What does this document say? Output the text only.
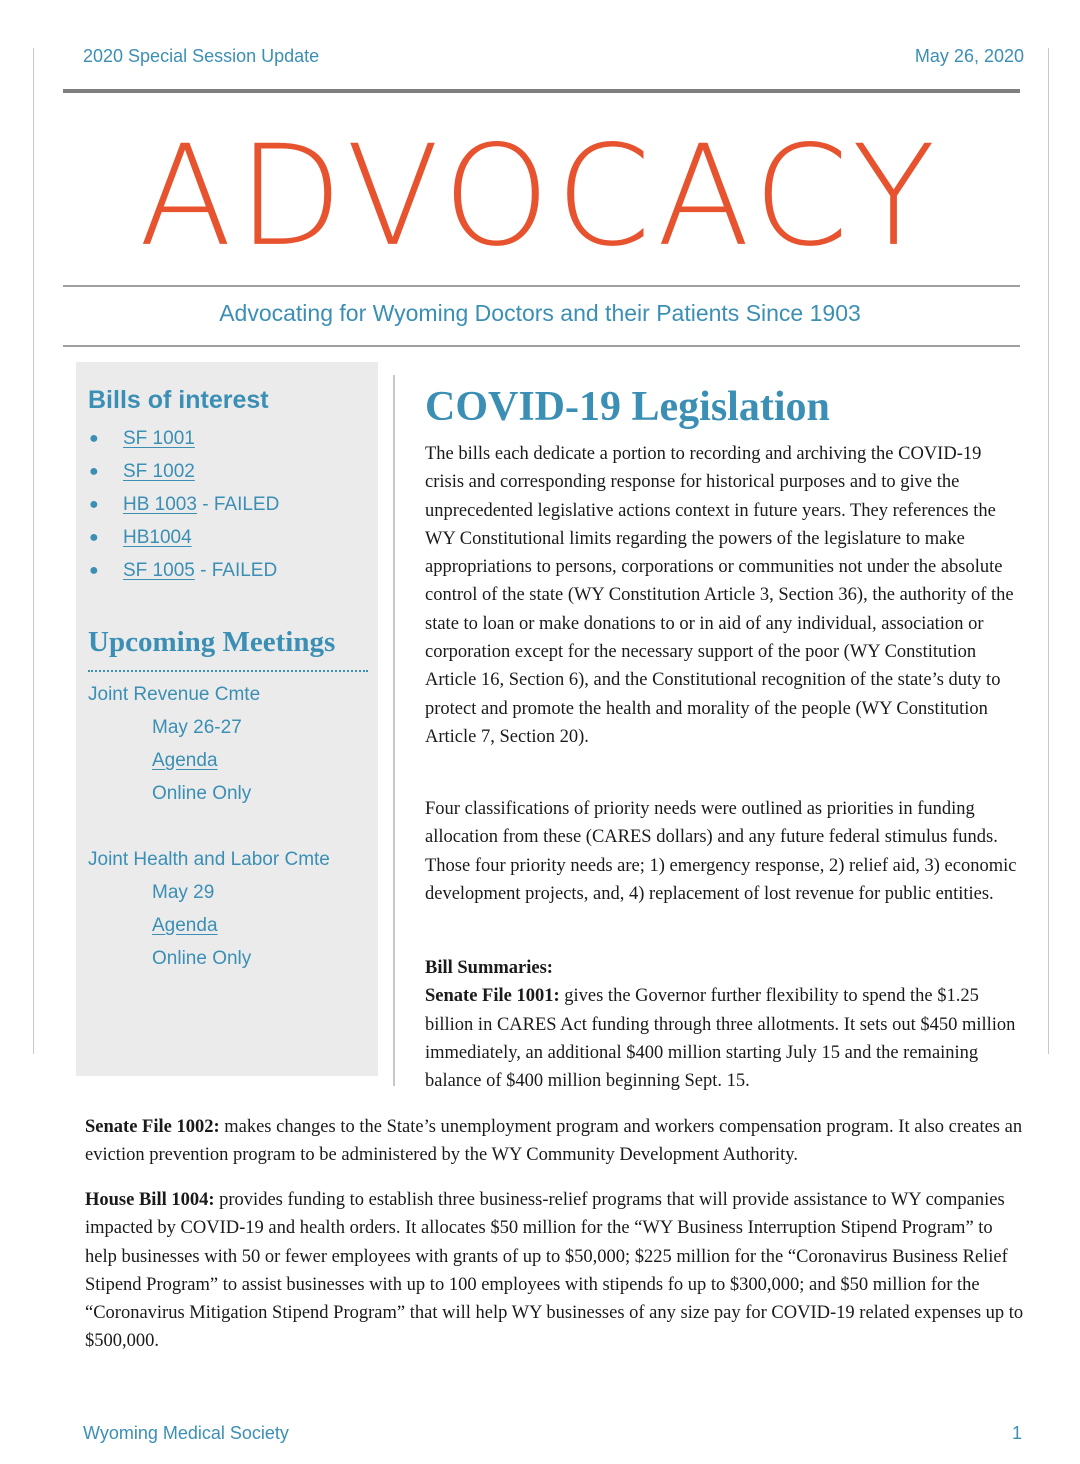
2020 Special Session Update	May 26, 2020
ADVOCACY
Advocating for Wyoming Doctors and their Patients Since 1903
Bills of interest
● SF 1001
● SF 1002
● HB 1003 - FAILED
● HB1004
● SF 1005 - FAILED
Upcoming Meetings
Joint Revenue Cmte
May 26-27
Agenda
Online Only
Joint Health and Labor Cmte
May 29
Agenda
Online Only
COVID-19 Legislation

The bills each dedicate a portion to recording and archiving the COVID-19 crisis and corresponding response for historical purposes and to give the unprecedented legislative actions context in future years. They references the WY Constitutional limits regarding the powers of the legislature to make appropriations to persons, corporations or communities not under the absolute control of the state (WY Constitution Article 3, Section 36), the authority of the state to loan or make donations to or in aid of any individual, association or corporation except for the necessary support of the poor (WY Constitution Article 16, Section 6), and the Constitutional recognition of the state’s duty to protect and promote the health and morality of the people (WY Constitution Article 7, Section 20).

Four classifications of priority needs were outlined as priorities in funding allocation from these (CARES dollars) and any future federal stimulus funds. Those four priority needs are; 1) emergency response, 2) relief aid, 3) economic development projects, and, 4) replacement of lost revenue for public entities.

Bill Summaries:
Senate File 1001: gives the Governor further flexibility to spend the $1.25 billion in CARES Act funding through three allotments. It sets out $450 million immediately, an additional $400 million starting July 15 and the remaining balance of $400 million beginning Sept. 15.

Senate File 1002: makes changes to the State’s unemployment program and workers compensation program. It also creates an eviction prevention program to be administered by the WY Community Development Authority.

House Bill 1004: provides funding to establish three business-relief programs that will provide assistance to WY companies impacted by COVID-19 and health orders. It allocates $50 million for the “WY Business Interruption Stipend Program” to help businesses with 50 or fewer employees with grants of up to $50,000; $225 million for the “Coronavirus Business Relief Stipend Program” to assist businesses with up to 100 employees with stipends fo up to $300,000; and $50 million for the “Coronavirus Mitigation Stipend Program” that will help WY businesses of any size pay for COVID-19 related expenses up to $500,000.

Wyoming Medical Society	1
